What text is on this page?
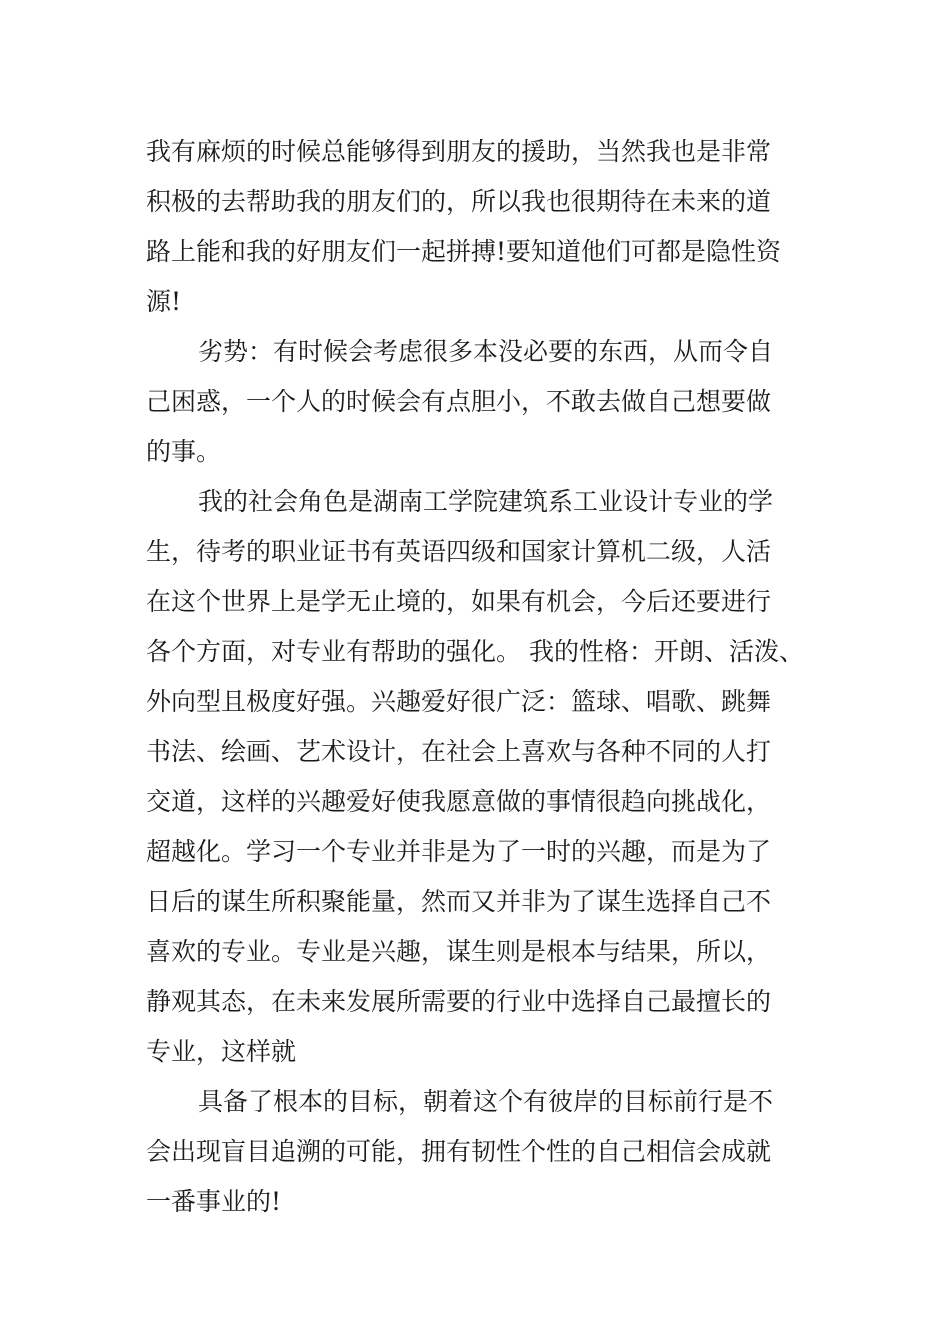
我有麻烦的时候总能够得到朋友的援助，当然我也是非常
积极的去帮助我的朋友们的，所以我也很期待在未来的道
路上能和我的好朋友们一起拼搏!要知道他们可都是隐性资
源!
劣势：有时候会考虑很多本没必要的东西，从而令自
己困惑，一个人的时候会有点胆小，不敢去做自己想要做
的事。
我的社会角色是湖南工学院建筑系工业设计专业的学
生，待考的职业证书有英语四级和国家计算机二级，人活
在这个世界上是学无止境的，如果有机会，今后还要进行
各个方面，对专业有帮助的强化。 我的性格：开朗、活泼、
外向型且极度好强。兴趣爱好很广泛：篮球、唱歌、跳舞
书法、绘画、艺术设计，在社会上喜欢与各种不同的人打
交道，这样的兴趣爱好使我愿意做的事情很趋向挑战化，
超越化。学习一个专业并非是为了一时的兴趣，而是为了
日后的谋生所积聚能量，然而又并非为了谋生选择自己不
喜欢的专业。专业是兴趣，谋生则是根本与结果，所以，
静观其态，在未来发展所需要的行业中选择自己最擅长的
专业，这样就
具备了根本的目标，朝着这个有彼岸的目标前行是不
会出现盲目追溯的可能，拥有韧性个性的自己相信会成就
一番事业的!
